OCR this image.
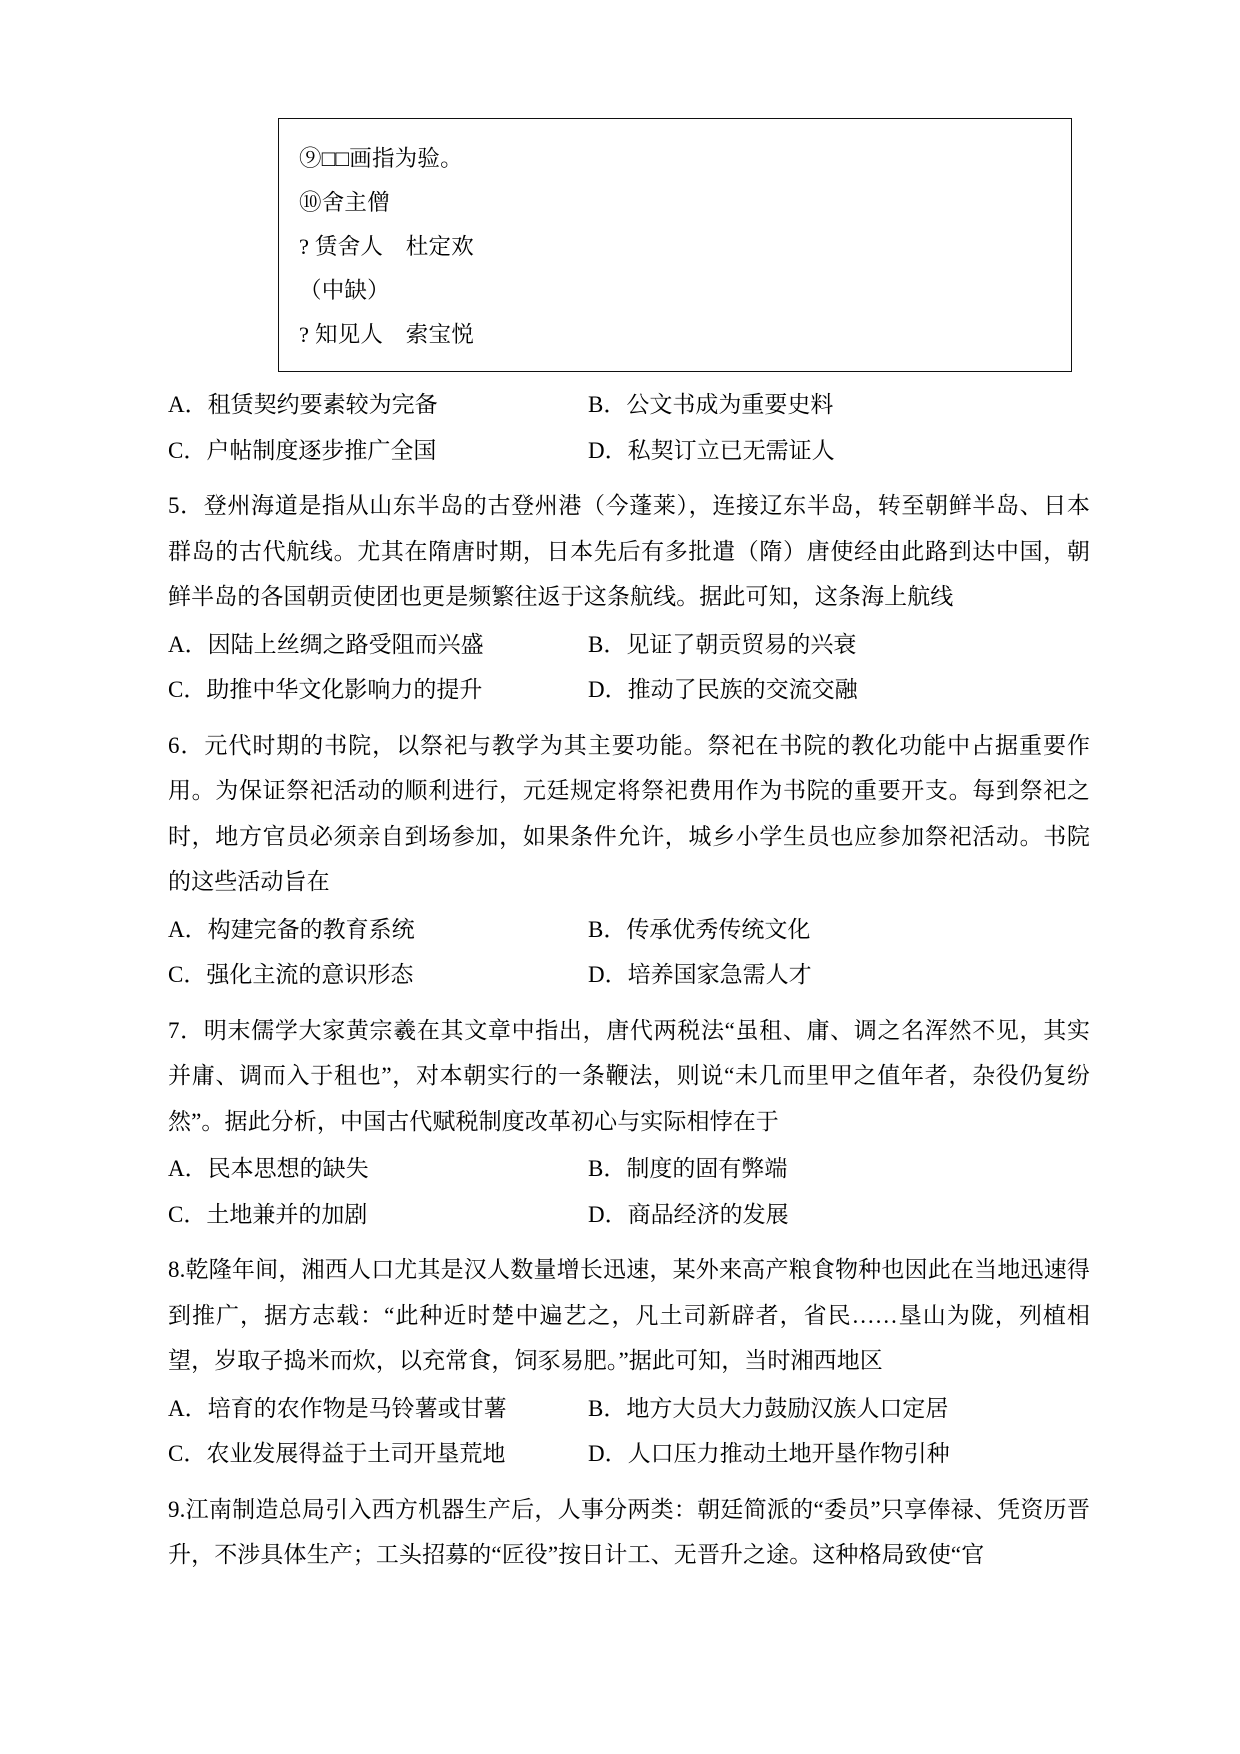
⑨□□画指为验。
⑩舍主僧
? 赁舍人　杜定欢
（中缺）
? 知见人　索宝悦
A．租赁契约要素较为完备	B．公文书成为重要史料
C．户帖制度逐步推广全国	D．私契订立已无需证人
5．登州海道是指从山东半岛的古登州港（今蓬莱），连接辽东半岛，转至朝鲜半岛、日本群岛的古代航线。尤其在隋唐时期，日本先后有多批遣（隋）唐使经由此路到达中国，朝鲜半岛的各国朝贡使团也更是频繁往返于这条航线。据此可知，这条海上航线
A．因陆上丝绸之路受阻而兴盛	B．见证了朝贡贸易的兴衰
C．助推中华文化影响力的提升	D．推动了民族的交流交融
6．元代时期的书院，以祭祀与教学为其主要功能。祭祀在书院的教化功能中占据重要作用。为保证祭祀活动的顺利进行，元廷规定将祭祀费用作为书院的重要开支。每到祭祀之时，地方官员必须亲自到场参加，如果条件允许，城乡小学生员也应参加祭祀活动。书院的这些活动旨在
A．构建完备的教育系统	B．传承优秀传统文化
C．强化主流的意识形态	D．培养国家急需人才
7．明末儒学大家黄宗羲在其文章中指出，唐代两税法“虽租、庸、调之名浑然不见，其实并庸、调而入于租也”，对本朝实行的一条鞭法，则说“未几而里甲之值年者，杂役仍复纷然”。据此分析，中国古代赋税制度改革初心与实际相悖在于
A．民本思想的缺失	B．制度的固有弊端
C．土地兼并的加剧	D．商品经济的发展
8.乾隆年间，湘西人口尤其是汉人数量增长迅速，某外来高产粮食物种也因此在当地迅速得到推广，据方志载：“此种近时楚中遍艺之，凡土司新辟者，省民……垦山为陇，列植相望，岁取子捣米而炊，以充常食，饲豕易肥。”据此可知，当时湘西地区
A．培育的农作物是马铃薯或甘薯	B．地方大员大力鼓励汉族人口定居
C．农业发展得益于土司开垦荒地	D．人口压力推动土地开垦作物引种
9.江南制造总局引入西方机器生产后，人事分两类：朝廷简派的“委员”只享俸禄、凭资历晋升，不涉具体生产；工头招募的“匠役”按日计工、无晋升之途。这种格局致使“官
